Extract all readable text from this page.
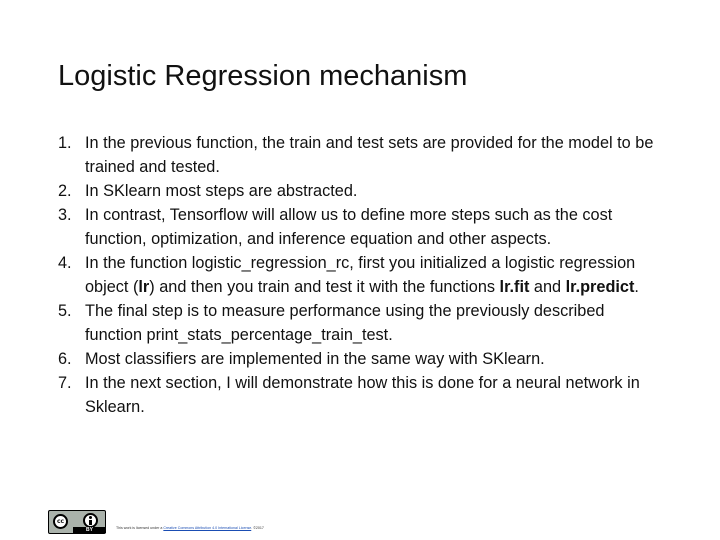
Logistic Regression mechanism
1. In the previous function, the train and test sets are provided for the model to be trained and tested.
2. In SKlearn most steps are abstracted.
3. In contrast, Tensorflow will allow us to define more steps such as the cost function, optimization, and inference equation and other aspects.
4. In the function logistic_regression_rc, first you initialized a logistic regression object (lr) and then you train and test it with the functions lr.fit and lr.predict.
5. The final step is to measure performance using the previously described function print_stats_percentage_train_test.
6. Most classifiers are implemented in the same way with SKlearn.
7. In the next section, I will demonstrate how this is done for a neural network in Sklearn.
cc
BY	This work is licensed under a Creative Commons Attribution 4.0 International License. ©2017
